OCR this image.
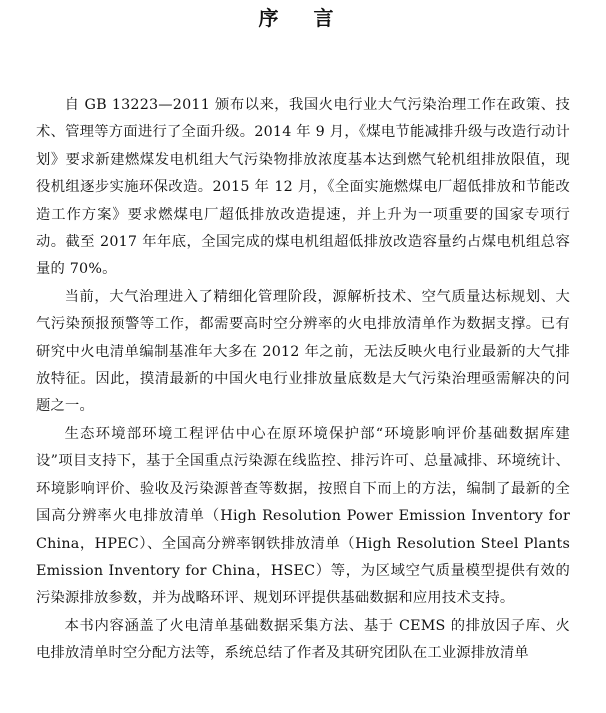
序 言

自 GB 13223—2011 颁布以来，我国火电行业大气污染治理工作在政策、技术、管理等方面进行了全面升级。2014 年 9 月，《煤电节能减排升级与改造行动计划》要求新建燃煤发电机组大气污染物排放浓度基本达到燃气轮机组排放限值，现役机组逐步实施环保改造。2015 年 12 月，《全面实施燃煤电厂超低排放和节能改造工作方案》要求燃煤电厂超低排放改造提速，并上升为一项重要的国家专项行动。截至 2017 年年底，全国完成的煤电机组超低排放改造容量约占煤电机组总容量的 70%。

当前，大气治理进入了精细化管理阶段，源解析技术、空气质量达标规划、大气污染预报预警等工作，都需要高时空分辨率的火电排放清单作为数据支撑。已有研究中火电清单编制基准年大多在 2012 年之前，无法反映火电行业最新的大气排放特征。因此，摸清最新的中国火电行业排放量底数是大气污染治理亟需解决的问题之一。

生态环境部环境工程评估中心在原环境保护部“环境影响评价基础数据库建设”项目支持下，基于全国重点污染源在线监控、排污许可、总量减排、环境统计、环境影响评价、验收及污染源普查等数据，按照自下而上的方法，编制了最新的全国高分辨率火电排放清单（High Resolution Power Emission Inventory for China，HPEC）、全国高分辨率钢铁排放清单（High Resolution Steel Plants Emission Inventory for China，HSEC）等，为区域空气质量模型提供有效的污染源排放参数，并为战略环评、规划环评提供基础数据和应用技术支持。

本书内容涵盖了火电清单基础数据采集方法、基于 CEMS 的排放因子库、火电排放清单时空分配方法等，系统总结了作者及其研究团队在工业源排放清单
